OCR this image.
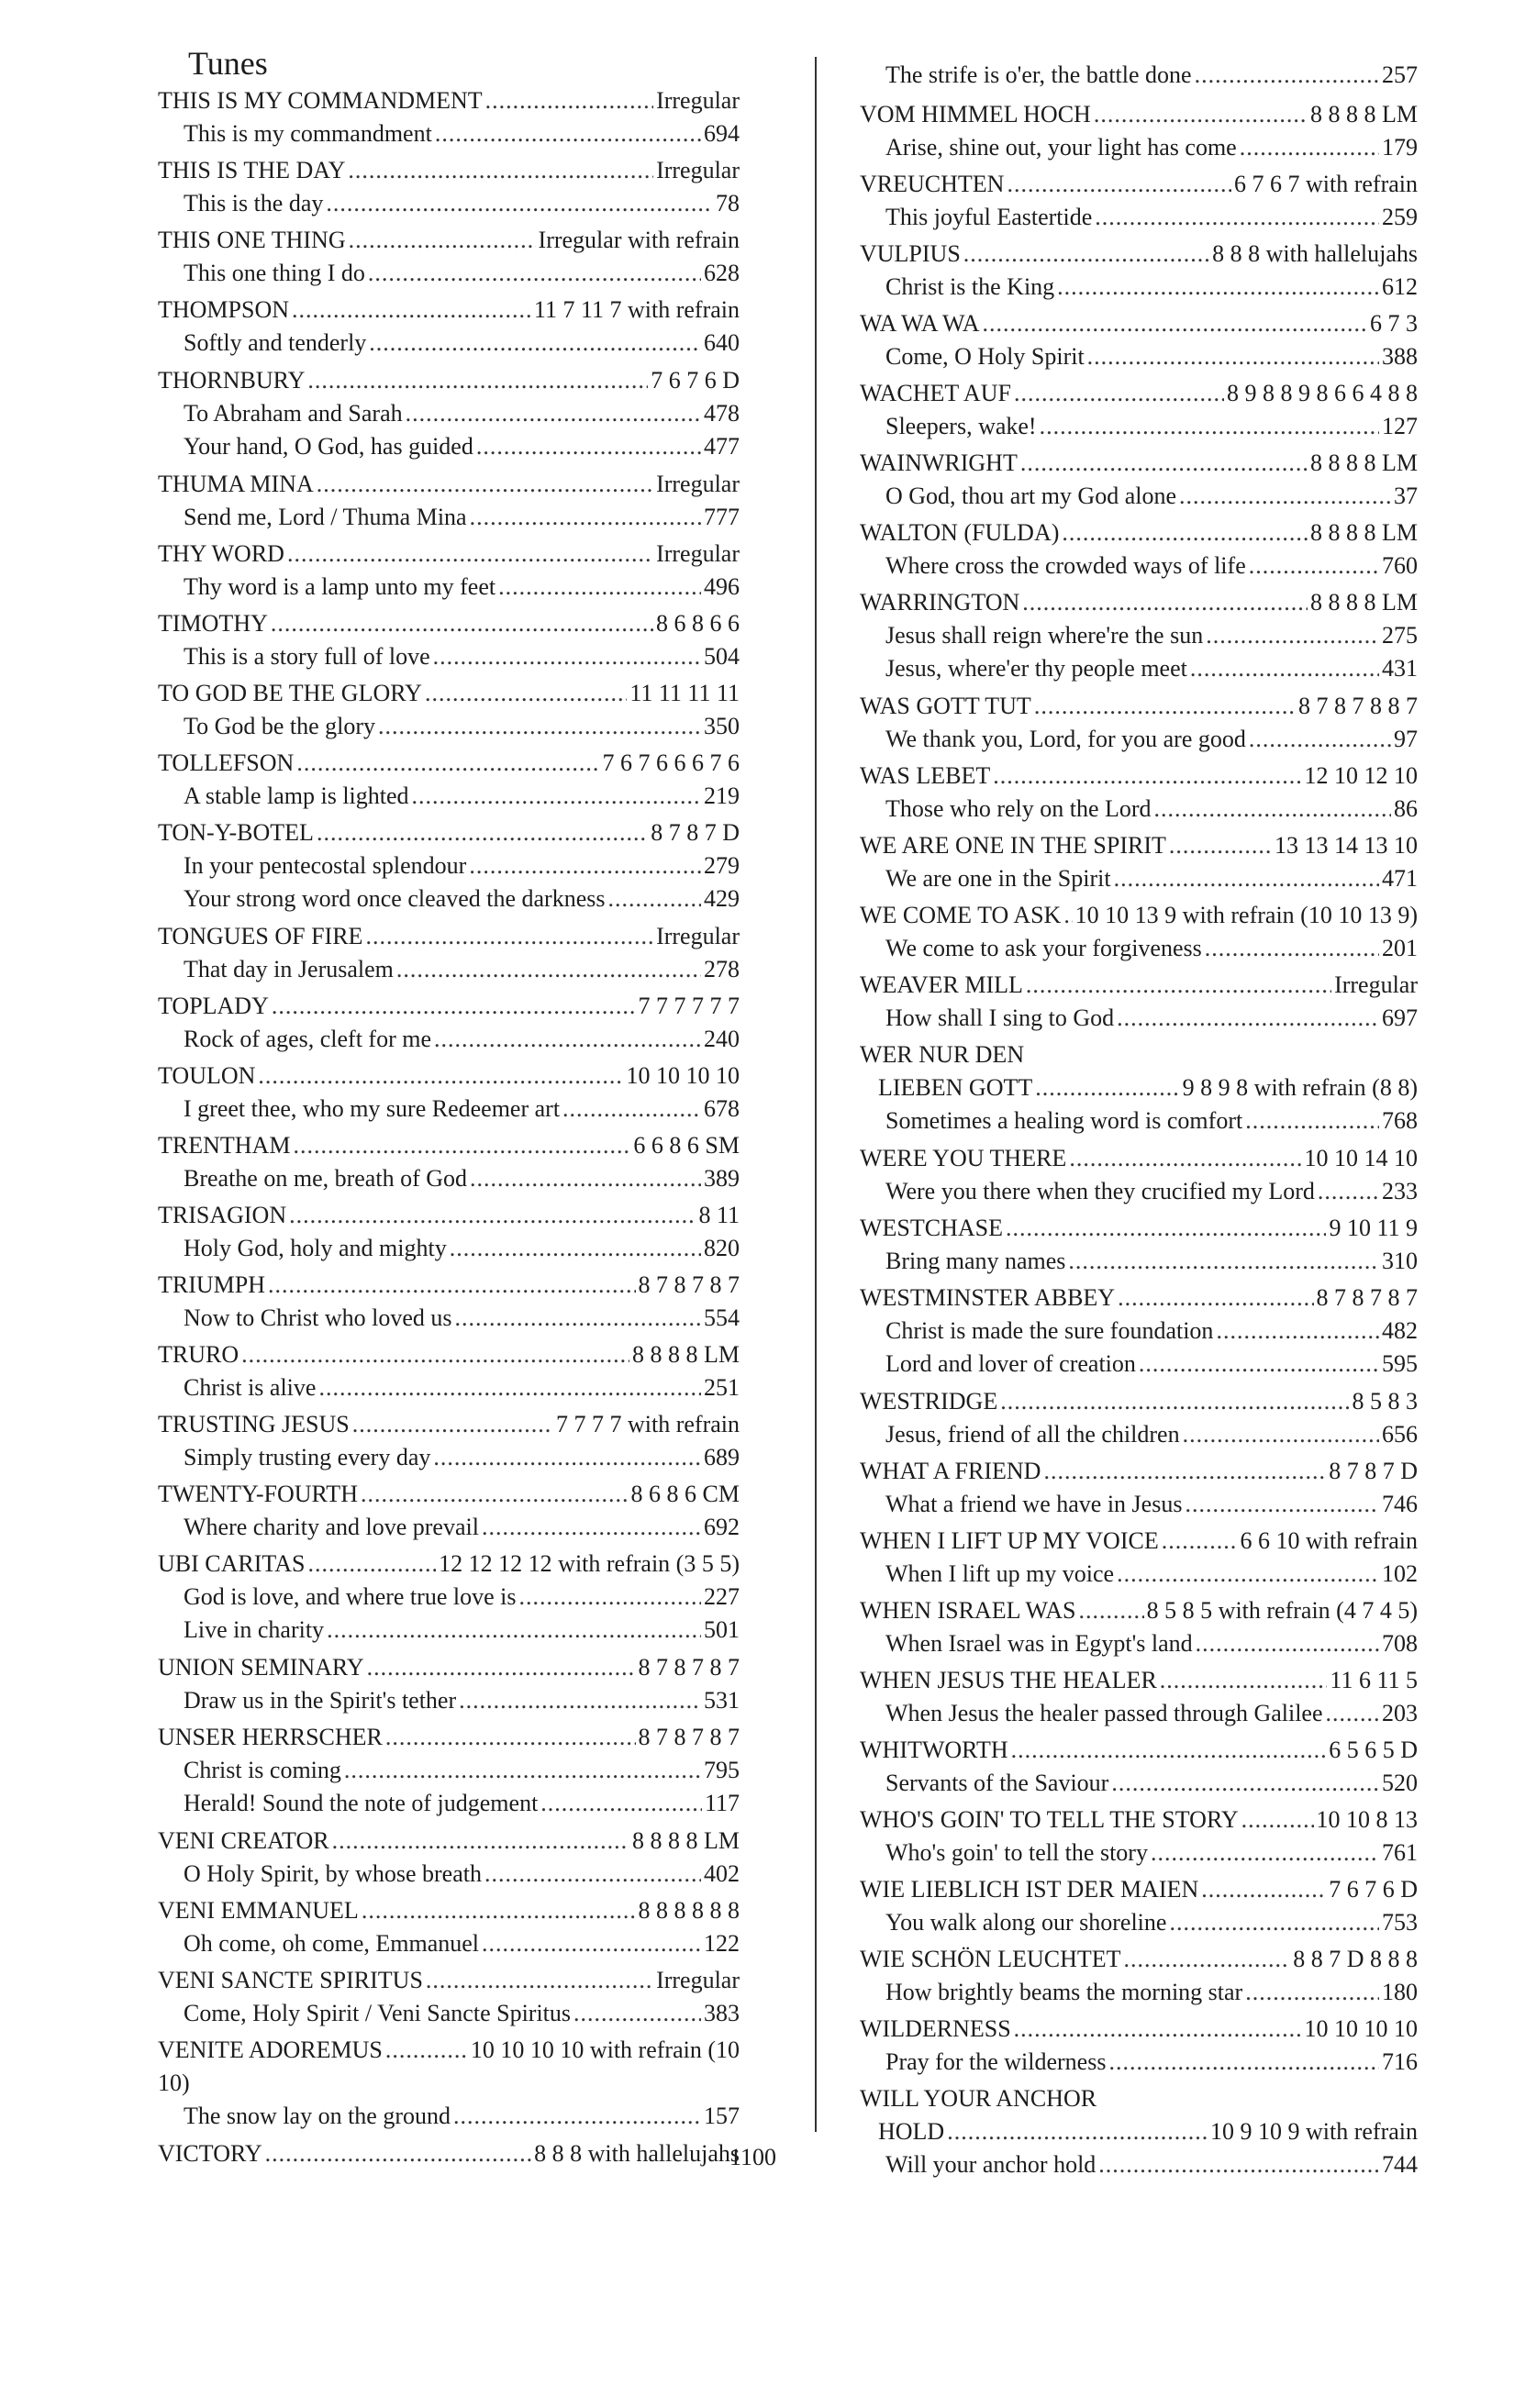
Tunes
THIS IS MY COMMANDMENT .....	Irregular
This is my commandment .....	694
THIS IS THE DAY .....	Irregular
This is the day .....	78
THIS ONE THING .....	Irregular with refrain
This one thing I do .....	628
THOMPSON .....	11 7 11 7 with refrain
Softly and tenderly .....	640
THORNBURY .....	7 6 7 6 D
To Abraham and Sarah .....	478
Your hand, O God, has guided .....	477
THUMA MINA .....	Irregular
Send me, Lord / Thuma Mina .....	777
THY WORD .....	Irregular
Thy word is a lamp unto my feet .....	496
TIMOTHY .....	8 6 8 6 6
This is a story full of love .....	504
TO GOD BE THE GLORY .....	11 11 11 11
To God be the glory .....	350
TOLLEFSON .....	7 6 7 6 6 6 7 6
A stable lamp is lighted .....	219
TON-Y-BOTEL .....	8 7 8 7 D
In your pentecostal splendour .....	279
Your strong word once cleaved the darkness .....	429
TONGUES OF FIRE .....	Irregular
That day in Jerusalem .....	278
TOPLADY .....	7 7 7 7 7 7
Rock of ages, cleft for me .....	240
TOULON .....	10 10 10 10
I greet thee, who my sure Redeemer art .....	678
TRENTHAM .....	6 6 8 6 SM
Breathe on me, breath of God .....	389
TRISAGION .....	8 11
Holy God, holy and mighty .....	820
TRIUMPH .....	8 7 8 7 8 7
Now to Christ who loved us .....	554
TRURO .....	8 8 8 8 LM
Christ is alive .....	251
TRUSTING JESUS .....	7 7 7 7 with refrain
Simply trusting every day .....	689
TWENTY-FOURTH .....	8 6 8 6 CM
Where charity and love prevail .....	692
UBI CARITAS .....	12 12 12 12 with refrain (3 5 5)
God is love, and where true love is .....	227
Live in charity .....	501
UNION SEMINARY .....	8 7 8 7 8 7
Draw us in the Spirit's tether .....	531
UNSER HERRSCHER .....	8 7 8 7 8 7
Christ is coming .....	795
Herald! Sound the note of judgement .....	117
VENI CREATOR .....	8 8 8 8 LM
O Holy Spirit, by whose breath .....	402
VENI EMMANUEL .....	8 8 8 8 8 8
Oh come, oh come, Emmanuel .....	122
VENI SANCTE SPIRITUS .....	Irregular
Come, Holy Spirit / Veni Sancte Spiritus .....	383
VENITE ADOREMUS .....	10 10 10 10 with refrain (10
10)
The snow lay on the ground .....	157
VICTORY .....	8 8 8 with hallelujahs
The strife is o'er, the battle done .....	257
VOM HIMMEL HOCH .....	8 8 8 8 LM
Arise, shine out, your light has come .....	179
VREUCHTEN .....	6 7 6 7 with refrain
This joyful Eastertide .....	259
VULPIUS .....	8 8 8 with hallelujahs
Christ is the King .....	612
WA WA WA .....	6 7 3
Come, O Holy Spirit .....	388
WACHET AUF .....	8 9 8 8 9 8 6 6 4 8 8
Sleepers, wake! .....	127
WAINWRIGHT .....	8 8 8 8 LM
O God, thou art my God alone .....	37
WALTON (FULDA) .....	8 8 8 8 LM
Where cross the crowded ways of life .....	760
WARRINGTON .....	8 8 8 8 LM
Jesus shall reign where're the sun .....	275
Jesus, where'er thy people meet .....	431
WAS GOTT TUT .....	8 7 8 7 8 8 7
We thank you, Lord, for you are good .....	97
WAS LEBET .....	12 10 12 10
Those who rely on the Lord .....	86
WE ARE ONE IN THE SPIRIT .....	13 13 14 13 10
We are one in the Spirit .....	471
WE COME TO ASK ..... 10 10 13 9 with refrain (10 10 13 9)
We come to ask your forgiveness .....	201
WEAVER MILL .....	Irregular
How shall I sing to God .....	697
WER NUR DEN
LIEBEN GOTT .....	9 8 9 8 with refrain (8 8)
Sometimes a healing word is comfort .....	768
WERE YOU THERE .....	10 10 14 10
Were you there when they crucified my Lord .....	233
WESTCHASE .....	9 10 11 9
Bring many names .....	310
WESTMINSTER ABBEY .....	8 7 8 7 8 7
Christ is made the sure foundation .....	482
Lord and lover of creation .....	595
WESTRIDGE .....	8 5 8 3
Jesus, friend of all the children .....	656
WHAT A FRIEND .....	8 7 8 7 D
What a friend we have in Jesus .....	746
WHEN I LIFT UP MY VOICE .....	6 6 10 with refrain
When I lift up my voice .....	102
WHEN ISRAEL WAS .....	8 5 8 5 with refrain (4 7 4 5)
When Israel was in Egypt's land .....	708
WHEN JESUS THE HEALER .....	11 6 11 5
When Jesus the healer passed through Galilee ..... 203
WHITWORTH .....	6 5 6 5 D
Servants of the Saviour .....	520
WHO'S GOIN' TO TELL THE STORY .....	10 10 8 13
Who's goin' to tell the story .....	761
WIE LIEBLICH IST DER MAIEN .....	7 6 7 6 D
You walk along our shoreline .....	753
WIE SCHÖN LEUCHTET .....	8 8 7 D 8 8 8
How brightly beams the morning star .....	180
WILDERNESS .....	10 10 10 10
Pray for the wilderness .....	716
WILL YOUR ANCHOR
HOLD .....	10 9 10 9 with refrain
Will your anchor hold .....	744
1100
